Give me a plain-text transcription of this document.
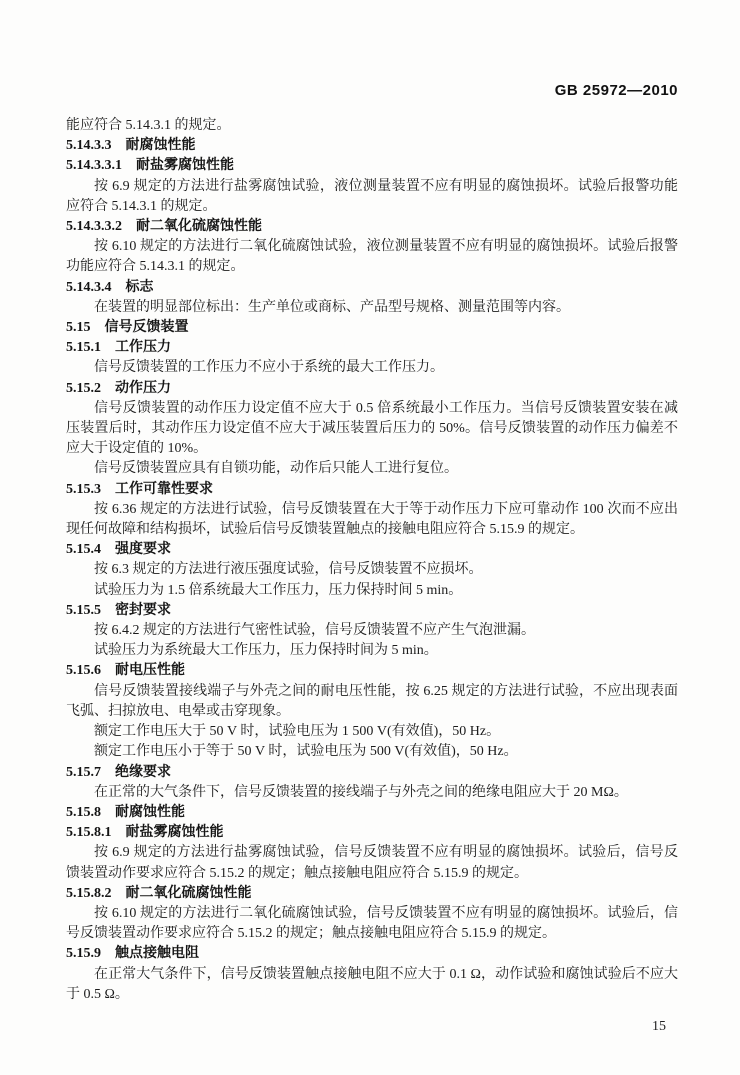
GB 25972—2010

能应符合 5.14.3.1 的规定。

5.14.3.3　耐腐蚀性能

5.14.3.3.1　耐盐雾腐蚀性能

按 6.9 规定的方法进行盐雾腐蚀试验，液位测量装置不应有明显的腐蚀损坏。试验后报警功能应符合 5.14.3.1 的规定。

5.14.3.3.2　耐二氧化硫腐蚀性能

按 6.10 规定的方法进行二氧化硫腐蚀试验，液位测量装置不应有明显的腐蚀损坏。试验后报警功能应符合 5.14.3.1 的规定。

5.14.3.4　标志

在装置的明显部位标出：生产单位或商标、产品型号规格、测量范围等内容。

5.15　信号反馈装置

5.15.1　工作压力

信号反馈装置的工作压力不应小于系统的最大工作压力。

5.15.2　动作压力

信号反馈装置的动作压力设定值不应大于 0.5 倍系统最小工作压力。当信号反馈装置安装在减压装置后时，其动作压力设定值不应大于减压装置后压力的 50%。信号反馈装置的动作压力偏差不应大于设定值的 10%。

信号反馈装置应具有自锁功能，动作后只能人工进行复位。

5.15.3　工作可靠性要求

按 6.36 规定的方法进行试验，信号反馈装置在大于等于动作压力下应可靠动作 100 次而不应出现任何故障和结构损坏，试验后信号反馈装置触点的接触电阻应符合 5.15.9 的规定。

5.15.4　强度要求

按 6.3 规定的方法进行液压强度试验，信号反馈装置不应损坏。

试验压力为 1.5 倍系统最大工作压力，压力保持时间 5 min。

5.15.5　密封要求

按 6.4.2 规定的方法进行气密性试验，信号反馈装置不应产生气泡泄漏。

试验压力为系统最大工作压力，压力保持时间为 5 min。

5.15.6　耐电压性能

信号反馈装置接线端子与外壳之间的耐电压性能，按 6.25 规定的方法进行试验，不应出现表面飞弧、扫掠放电、电晕或击穿现象。

额定工作电压大于 50 V 时，试验电压为 1 500 V(有效值)，50 Hz。

额定工作电压小于等于 50 V 时，试验电压为 500 V(有效值)，50 Hz。

5.15.7　绝缘要求

在正常的大气条件下，信号反馈装置的接线端子与外壳之间的绝缘电阻应大于 20 MΩ。

5.15.8　耐腐蚀性能

5.15.8.1　耐盐雾腐蚀性能

按 6.9 规定的方法进行盐雾腐蚀试验，信号反馈装置不应有明显的腐蚀损坏。试验后，信号反馈装置动作要求应符合 5.15.2 的规定；触点接触电阻应符合 5.15.9 的规定。

5.15.8.2　耐二氧化硫腐蚀性能

按 6.10 规定的方法进行二氧化硫腐蚀试验，信号反馈装置不应有明显的腐蚀损坏。试验后，信号反馈装置动作要求应符合 5.15.2 的规定；触点接触电阻应符合 5.15.9 的规定。

5.15.9　触点接触电阻

在正常大气条件下，信号反馈装置触点接触电阻不应大于 0.1 Ω，动作试验和腐蚀试验后不应大于 0.5 Ω。

15
